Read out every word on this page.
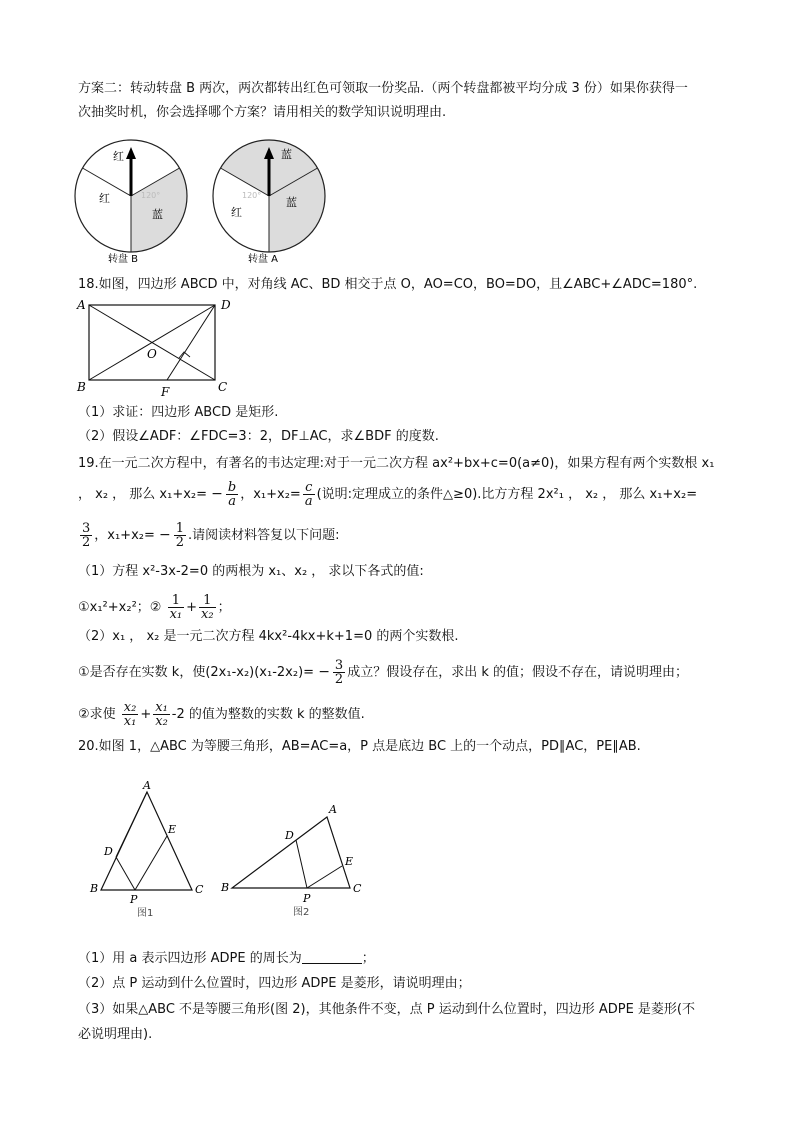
方案二：转动转盘 B 两次，两次都转出红色可领取一份奖品.（两个转盘都被平均分成 3 份）如果你获得一
次抽奖时机，你会选择哪个方案？请用相关的数学知识说明理由.
红
红
蓝
120°
转盘 B
蓝
红
蓝
120°
转盘 A
18.如图，四边形 ABCD 中，对角线 AC、BD 相交于点 O，AO=CO，BO=DO，且∠ABC+∠ADC=180°.
A	D
B	C
O
F
（1）求证：四边形 ABCD 是矩形.
（2）假设∠ADF：∠FDC=3：2，DF⊥AC，求∠BDF 的度数.
19.在一元二次方程中，有著名的韦达定理:对于一元二次方程 ax²+bx+c=0(a≠0)，如果方程有两个实数根 x₁
， x₂ ， 那么 $x_1+x_2= - \frac{b}{a}$ ，$x_1+x_2= \frac{c}{a}$ (说明:定理成立的条件△≥0).比方方程 2x²₁ ， x₂ ， 那么 x₁+x₂=
$\frac{3}{2}$ ，$x_1+x_2= - \frac{1}{2}$ .请阅读材料答复以下问题:
（1）方程 x²-3x-2=0 的两根为 x₁、x₂ ， 求以下各式的值:
①x₁²+x₂²；② $\frac{1}{\text{x₁}} + \frac{1}{\text{x₂}}$ ；
（2）x₁ ， x₂ 是一元二次方程 4kx²-4kx+k+1=0 的两个实数根.
①是否存在实数 k，使$(2x_1-x_2)(x_1-2x_2)= - \frac{3}{2}$ 成立？假设存在，求出 k 的值；假设不存在，请说明理由；
②求使 $\frac{\text{x₂}}{\text{x₁}} + \frac{\text{x₁}}{\text{x₂}} -2$ 的值为整数的实数 k 的整数值.
20.如图 1，△ABC 为等腰三角形，AB=AC=a，P 点是底边 BC 上的一个动点，PD∥AC，PE∥AB.
A
B	C
D
E
P
图1
A
B	C
D
E
P
图2
（1）用 a 表示四边形 ADPE 的周长为	；
（2）点 P 运动到什么位置时，四边形 ADPE 是菱形，请说明理由；
（3）如果△ABC 不是等腰三角形(图 2)，其他条件不变，点 P 运动到什么位置时，四边形 ADPE 是菱形(不
必说明理由).
